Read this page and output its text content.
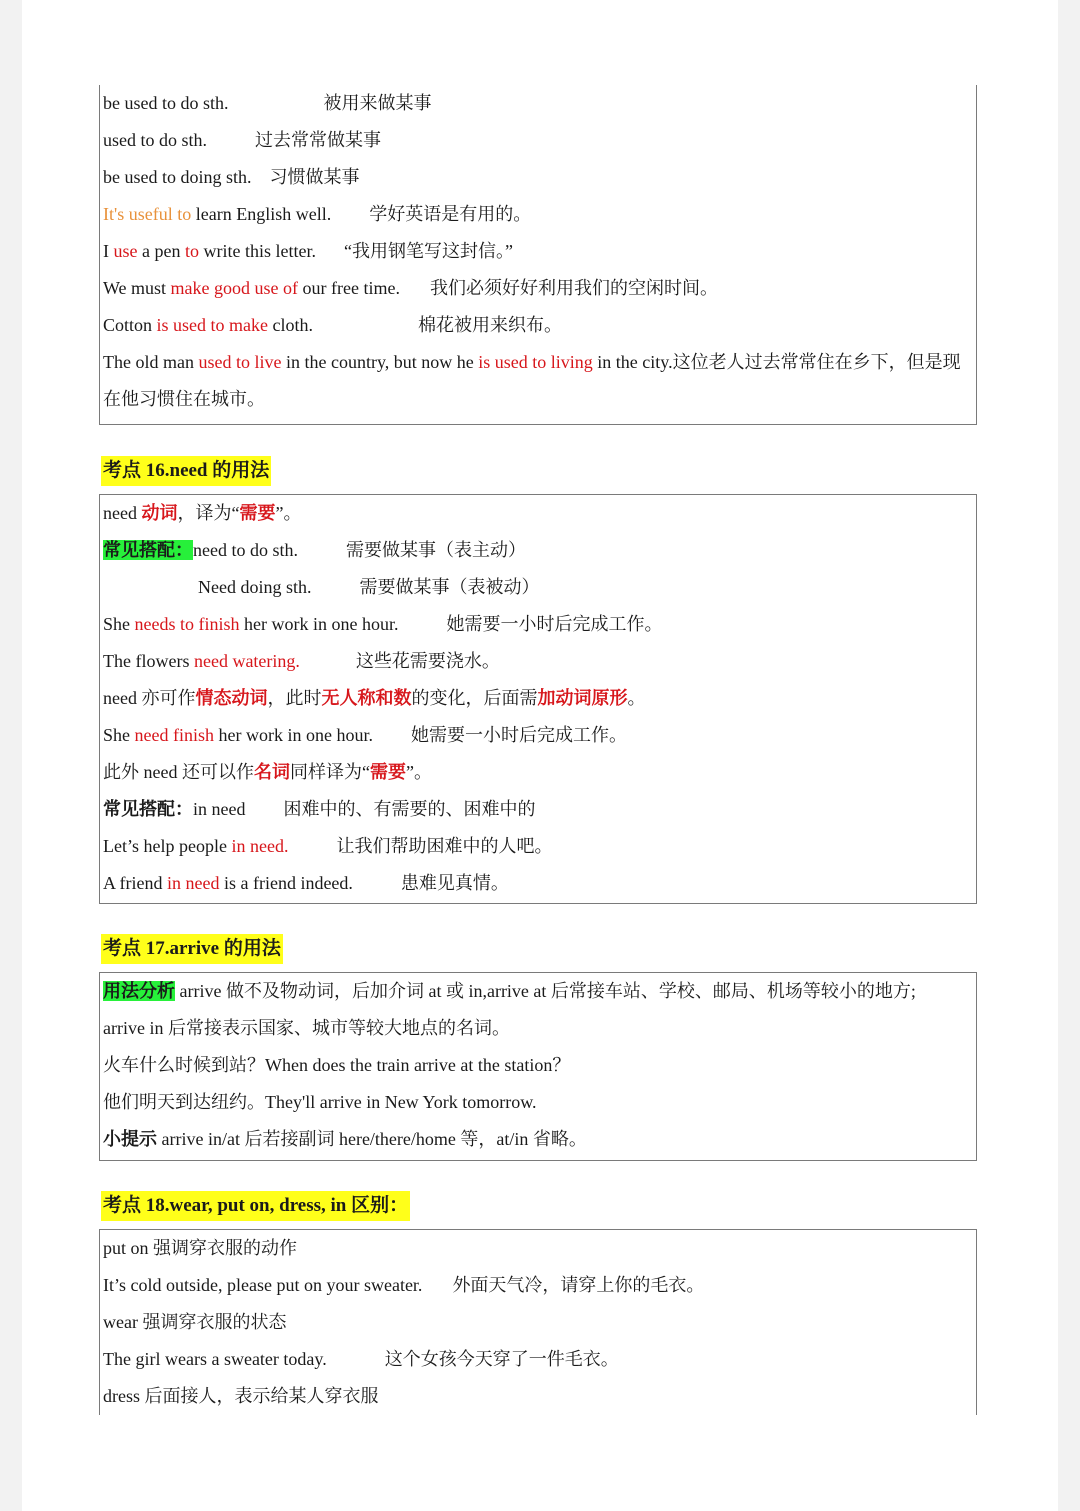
be used to do sth.	被用来做某事
used to do sth.	过去常常做某事
be used to doing sth. 习惯做某事
It's useful to learn English well. 学好英语是有用的。
I use a pen to write this letter. “我用钢笔写这封信。”
We must make good use of our free time. 我们必须好好利用我们的空闲时间。
Cotton is used to make cloth.	棉花被用来织布。
The old man used to live in the country, but now he is used to living in the city.这位老人过去常常住在乡下，但是现在他习惯住在城市。
考点 16.need 的用法
need 动词，译为“需要”。
常见搭配：need to do sth.	需要做某事（表主动）
Need doing sth.	需要做某事（表被动）
She needs to finish her work in one hour.	她需要一小时后完成工作。
The flowers need watering.	这些花需要浇水。
need 亦可作情态动词，此时无人称和数的变化，后面需加动词原形。
She need finish her work in one hour. 她需要一小时后完成工作。
此外 need 还可以作名词同样译为“需要”。
常见搭配：in need 困难中的、有需要的、困难中的
Let’s help people in need.	让我们帮助困难中的人吧。
A friend in need is a friend indeed.	患难见真情。
考点 17.arrive 的用法
用法分析 arrive 做不及物动词，后加介词 at 或 in,arrive at 后常接车站、学校、邮局、机场等较小的地方;
arrive in 后常接表示国家、城市等较大地点的名词。
火车什么时候到站？When does the train arrive at the station？
他们明天到达纽约。They'll arrive in New York tomorrow.
小提示 arrive in/at 后若接副词 here/there/home 等，at/in 省略。
考点 18.wear, put on, dress, in 区别：
put on 强调穿衣服的动作
It’s cold outside, please put on your sweater. 外面天气冷，请穿上你的毛衣。
wear 强调穿衣服的状态
The girl wears a sweater today.	这个女孩今天穿了一件毛衣。
dress 后面接人，表示给某人穿衣服
